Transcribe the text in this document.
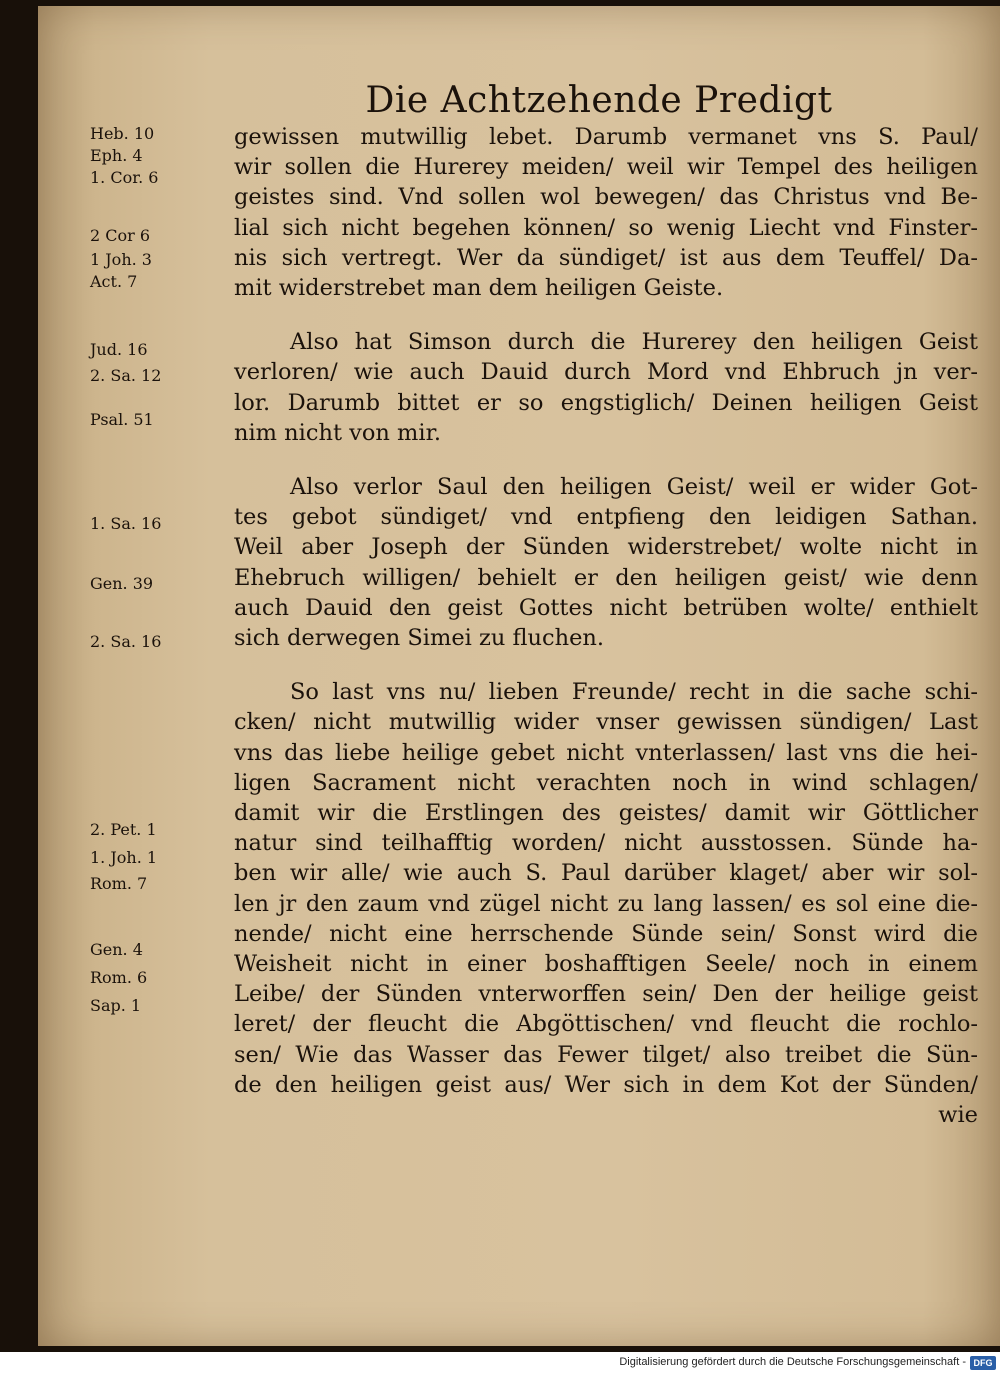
Die Achtzehende Predigt
Heb. 10
Eph. 4
1. Cor. 6
2 Cor 6
1 Joh. 3
Act. 7
Jud. 16
2. Sa. 12
Psal. 51
1. Sa. 16
Gen. 39
2. Sa. 16
2. Pet. 1
1. Joh. 1
Rom. 7
Gen. 4
Rom. 6
Sap. 1

gewissen mutwillig lebet. Darumb vermanet vns S. Paul/
wir sollen die Hurerey meiden/ weil wir Tempel des heiligen
geistes sind. Vnd sollen wol bewegen/ das Christus vnd Be-
lial sich nicht begehen können/ so wenig Liecht vnd Finster-
nis sich vertregt. Wer da sündiget/ ist aus dem Teuffel/ Da-
mit widerstrebet man dem heiligen Geiste.

Also hat Simson durch die Hurerey den heiligen Geist
verloren/ wie auch Dauid durch Mord vnd Ehbruch jn ver-
lor. Darumb bittet er so engstiglich/ Deinen heiligen Geist
nim nicht von mir.

Also verlor Saul den heiligen Geist/ weil er wider Got-
tes gebot sündiget/ vnd entpfieng den leidigen Sathan.
Weil aber Joseph der Sünden widerstrebet/ wolte nicht in
Ehebruch willigen/ behielt er den heiligen geist/ wie denn
auch Dauid den geist Gottes nicht betrüben wolte/ enthielt
sich derwegen Simei zu fluchen.

So last vns nu/ lieben Freunde/ recht in die sache schi-
cken/ nicht mutwillig wider vnser gewissen sündigen/ Last
vns das liebe heilige gebet nicht vnterlassen/ last vns die hei-
ligen Sacrament nicht verachten noch in wind schlagen/
damit wir die Erstlingen des geistes/ damit wir Göttlicher
natur sind teilhafftig worden/ nicht ausstossen. Sünde ha-
ben wir alle/ wie auch S. Paul darüber klaget/ aber wir sol-
len jr den zaum vnd zügel nicht zu lang lassen/ es sol eine die-
nende/ nicht eine herrschende Sünde sein/ Sonst wird die
Weisheit nicht in einer boshafftigen Seele/ noch in einem
Leibe/ der Sünden vnterworffen sein/ Den der heilige geist
leret/ der fleucht die Abgöttischen/ vnd fleucht die rochlo-
sen/ Wie das Wasser das Fewer tilget/ also treibet die Sün-
de den heiligen geist aus/ Wer sich in dem Kot der Sünden/
wie

Digitalisierung gefördert durch die Deutsche Forschungsgemeinschaft - DFG
